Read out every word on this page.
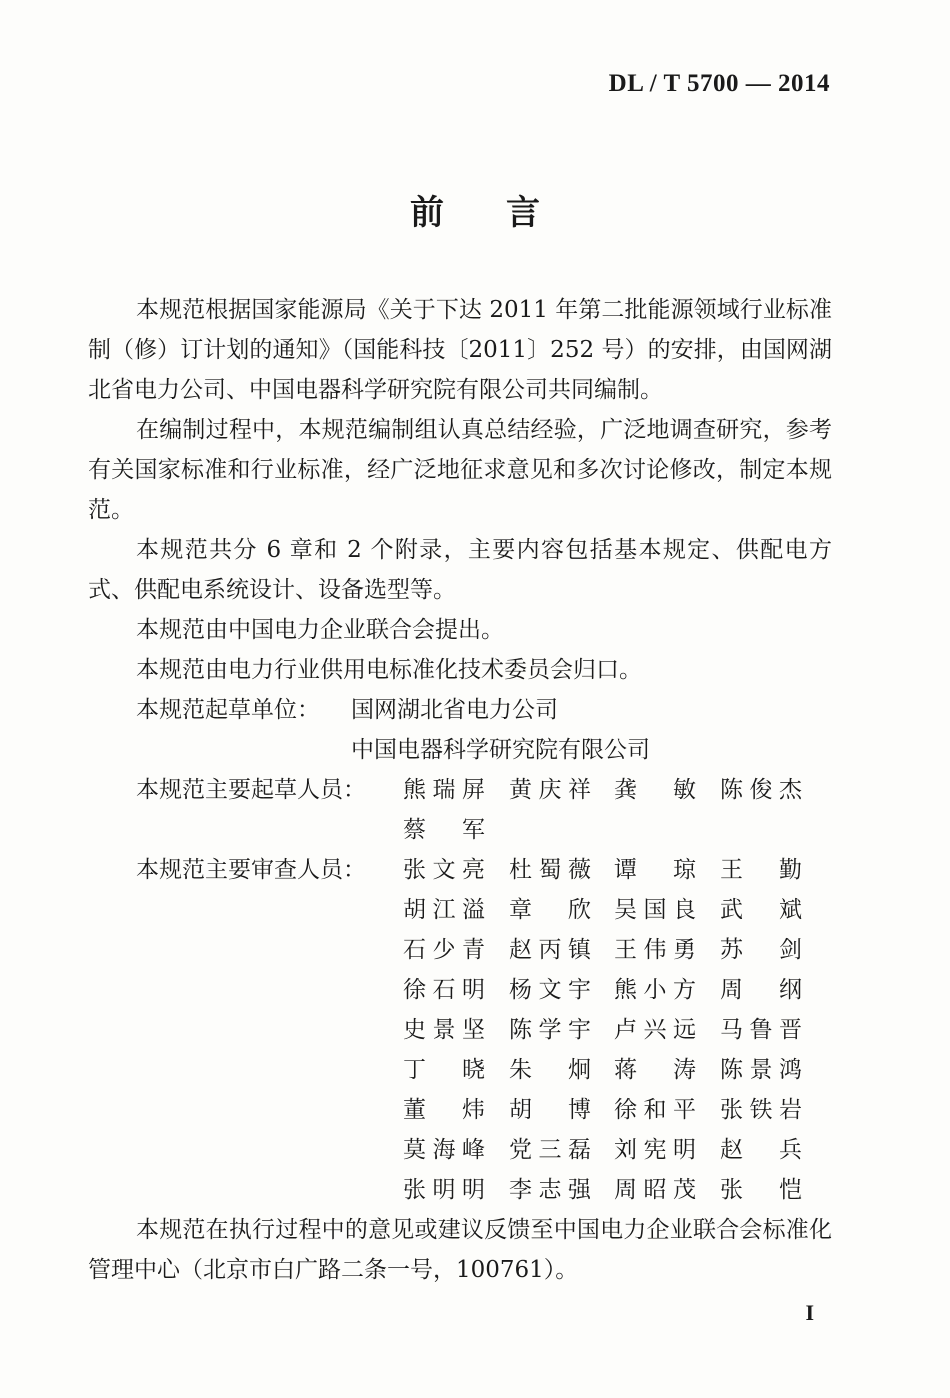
DL / T 5700 — 2014
前言
本规范根据国家能源局《关于下达 2011 年第二批能源领域行业标准制（修）订计划的通知》（国能科技〔2011〕252 号）的安排，由国网湖北省电力公司、中国电器科学研究院有限公司共同编制。
在编制过程中，本规范编制组认真总结经验，广泛地调查研究，参考有关国家标准和行业标准，经广泛地征求意见和多次讨论修改，制定本规范。
本规范共分 6 章和 2 个附录，主要内容包括基本规定、供配电方式、供配电系统设计、设备选型等。
本规范由中国电力企业联合会提出。
本规范由电力行业供用电标准化技术委员会归口。
本规范起草单位： 国网湖北省电力公司
中国电器科学研究院有限公司
本规范主要起草人员： 熊瑞屏 黄庆祥 龚敏 陈俊杰
蔡军
本规范主要审查人员： 张文亮 杜蜀薇 谭琼 王勤
胡江溢 章欣 吴国良 武斌
石少青 赵丙镇 王伟勇 苏剑
徐石明 杨文宇 熊小方 周纲
史景坚 陈学宇 卢兴远 马鲁晋
丁晓 朱炯 蒋涛 陈景鸿
董炜 胡博 徐和平 张铁岩
莫海峰 党三磊 刘宪明 赵兵
张明明 李志强 周昭茂 张恺
本规范在执行过程中的意见或建议反馈至中国电力企业联合会标准化管理中心（北京市白广路二条一号，100761）。
I
